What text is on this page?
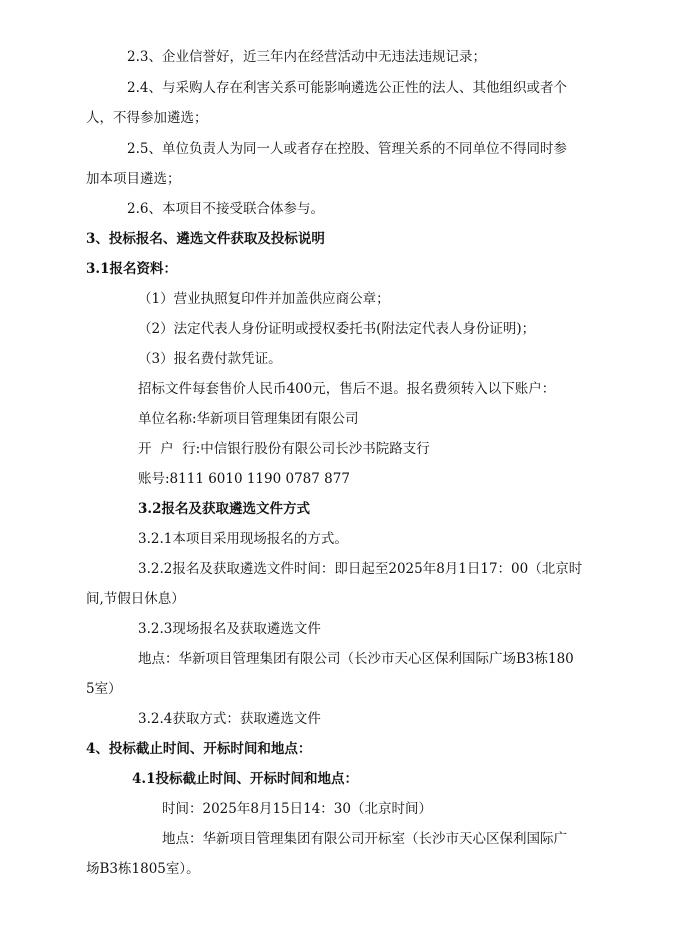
2.3、企业信誉好，近三年内在经营活动中无违法违规记录；
2.4、与采购人存在利害关系可能影响遴选公正性的法人、其他组织或者个
人，不得参加遴选；
2.5、单位负责人为同一人或者存在控股、管理关系的不同单位不得同时参
加本项目遴选；
2.6、本项目不接受联合体参与。
3、投标报名、遴选文件获取及投标说明
3.1报名资料：
（1）营业执照复印件并加盖供应商公章；
（2）法定代表人身份证明或授权委托书(附法定代表人身份证明)；
（3）报名费付款凭证。
招标文件每套售价人民币400元，售后不退。报名费须转入以下账户：
单位名称:华新项目管理集团有限公司
开  户  行:中信银行股份有限公司长沙书院路支行
账号:8111 6010 1190 0787 877
3.2报名及获取遴选文件方式
3.2.1本项目采用现场报名的方式。
3.2.2报名及获取遴选文件时间：即日起至2025年8月1日17：00（北京时
间,节假日休息）
3.2.3现场报名及获取遴选文件
地点：华新项目管理集团有限公司（长沙市天心区保利国际广场B3栋180
5室）
3.2.4获取方式：获取遴选文件
4、投标截止时间、开标时间和地点：
4.1投标截止时间、开标时间和地点：
时间：2025年8月15日14：30（北京时间）
地点：华新项目管理集团有限公司开标室（长沙市天心区保利国际广
场B3栋1805室）。
